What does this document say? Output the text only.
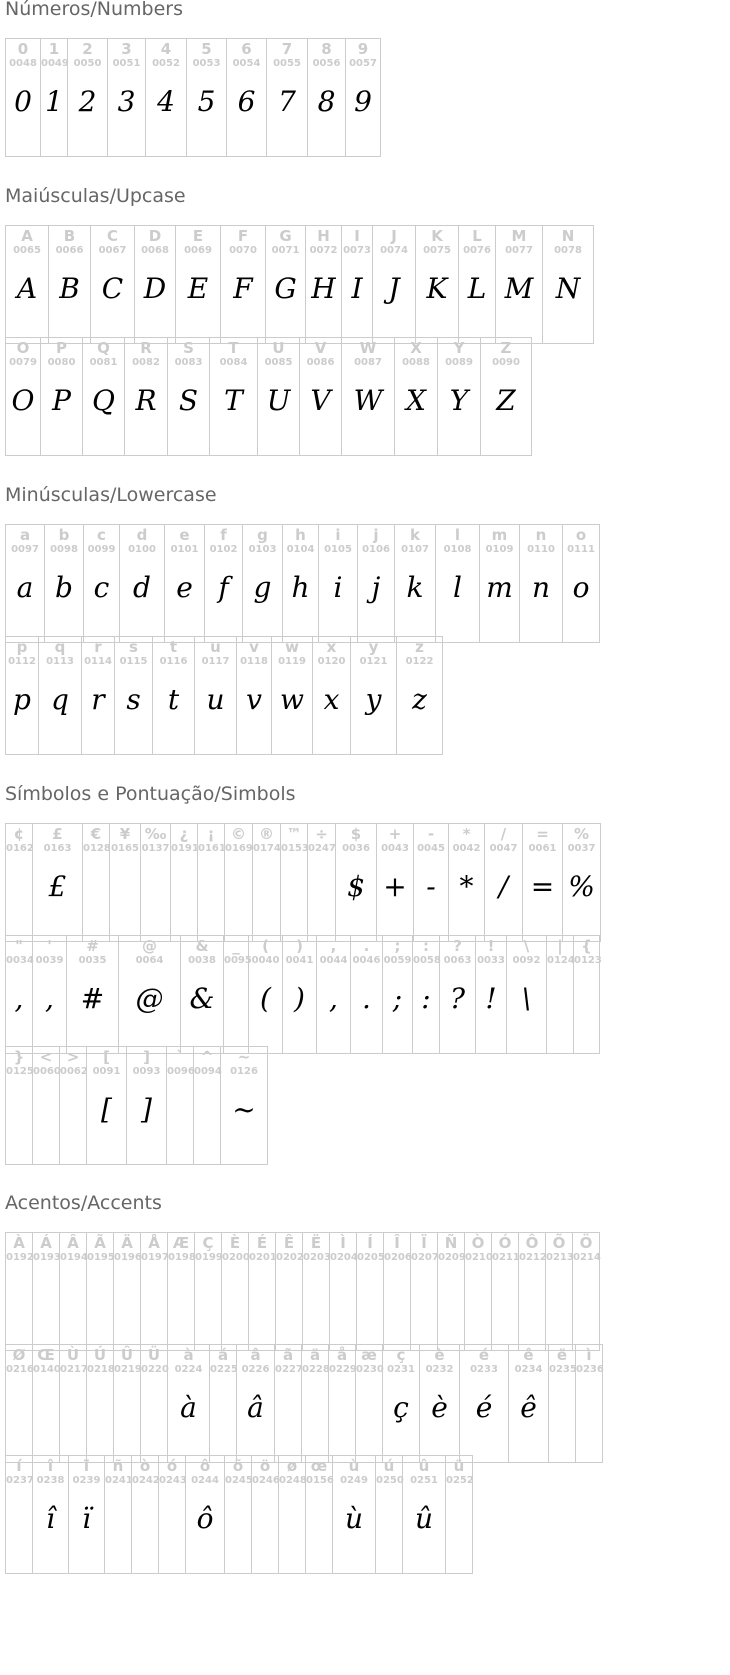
Números/Numbers
0
0048
0
1
0049
1
2
0050
2
3
0051
3
4
0052
4
5
0053
5
6
0054
6
7
0055
7
8
0056
8
9
0057
9
Maiúsculas/Upcase
A
0065
A
B
0066
B
C
0067
C
D
0068
D
E
0069
E
F
0070
F
G
0071
G
H
0072
H
I
0073
I
J
0074
J
K
0075
K
L
0076
L
M
0077
M
N
0078
N
O
0079
O
P
0080
P
Q
0081
Q
R
0082
R
S
0083
S
T
0084
T
U
0085
U
V
0086
V
W
0087
W
X
0088
X
Y
0089
Y
Z
0090
Z
Minúsculas/Lowercase
a
0097
a
b
0098
b
c
0099
c
d
0100
d
e
0101
e
f
0102
f
g
0103
g
h
0104
h
i
0105
i
j
0106
j
k
0107
k
l
0108
l
m
0109
m
n
0110
n
o
0111
o
p
0112
p
q
0113
q
r
0114
r
s
0115
s
t
0116
t
u
0117
u
v
0118
v
w
0119
w
x
0120
x
y
0121
y
z
0122
z
Símbolos e Pontuação/Simbols
¢
0162
£
0163
£
€
0128
¥
0165
‰
0137
¿
0191
¡
0161
©
0169
®
0174
™
0153
÷
0247
$
0036
$
+
0043
+
-
0045
-
*
0042
*
/
0047
/
=
0061
=
%
0037
%
"
0034
,
'
0039
,
#
0035
#
@
0064
@
&
0038
&
_
0095
(
0040
(
)
0041
)
,
0044
,
.
0046
.
;
0059
;
:
0058
:
?
0063
?
!
0033
!
\
0092
\
|
0124
{
0123
}
0125
<
0060
>
0062
[
0091
[
]
0093
]
`
0096
^
0094
~
0126
~
Acentos/Accents
À
0192
Á
0193
Â
0194
Ã
0195
Ä
0196
Å
0197
Æ
0198
Ç
0199
È
0200
É
0201
Ê
0202
Ë
0203
Ì
0204
Í
0205
Î
0206
Ï
0207
Ñ
0209
Ò
0210
Ó
0211
Ô
0212
Õ
0213
Ö
0214
Ø
0216
Œ
0140
Ù
0217
Ú
0218
Û
0219
Ü
0220
à
0224
à
á
0225
â
0226
â
ã
0227
ä
0228
å
0229
æ
0230
ç
0231
ç
è
0232
è
é
0233
é
ê
0234
ê
ë
0235
ì
0236
í
0237
î
0238
î
ï
0239
ï
ñ
0241
ò
0242
ó
0243
ô
0244
ô
õ
0245
ö
0246
ø
0248
œ
0156
ù
0249
ù
ú
0250
û
0251
û
ü
0252
